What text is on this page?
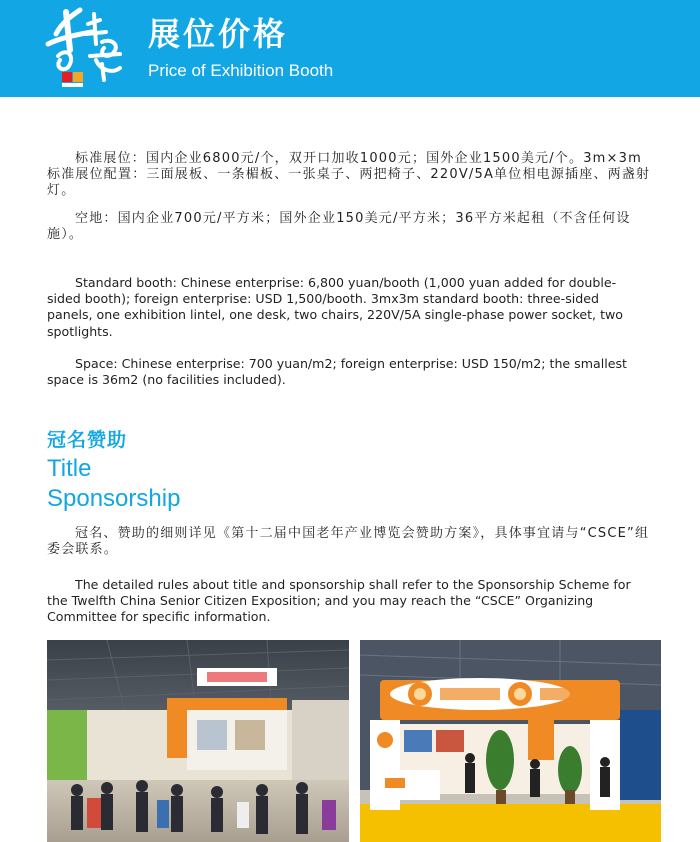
展位价格
Price of Exhibition Booth

标准展位：国内企业6800元/个，双开口加收1000元；国外企业1500美元/个。3m×3m标准展位配置：三面展板、一条楣板、一张桌子、两把椅子、220V/5A单位相电源插座、两盏射灯。

空地：国内企业700元/平方米；国外企业150美元/平方米；36平方米起租（不含任何设施）。

Standard booth: Chinese enterprise: 6,800 yuan/booth (1,000 yuan added for double-sided booth); foreign enterprise: USD 1,500/booth. 3mx3m standard booth: three-sided panels, one exhibition lintel, one desk, two chairs, 220V/5A single-phase power socket, two spotlights.

Space: Chinese enterprise: 700 yuan/m2; foreign enterprise: USD 150/m2; the smallest space is 36m2 (no facilities included).

冠名赞助
Title
Sponsorship

冠名、赞助的细则详见《第十二届中国老年产业博览会赞助方案》，具体事宜请与“CSCE”组委会联系。

The detailed rules about title and sponsorship shall refer to the Sponsorship Scheme for the Twelfth China Senior Citizen Exposition; and you may reach the “CSCE” Organizing Committee for specific information.
